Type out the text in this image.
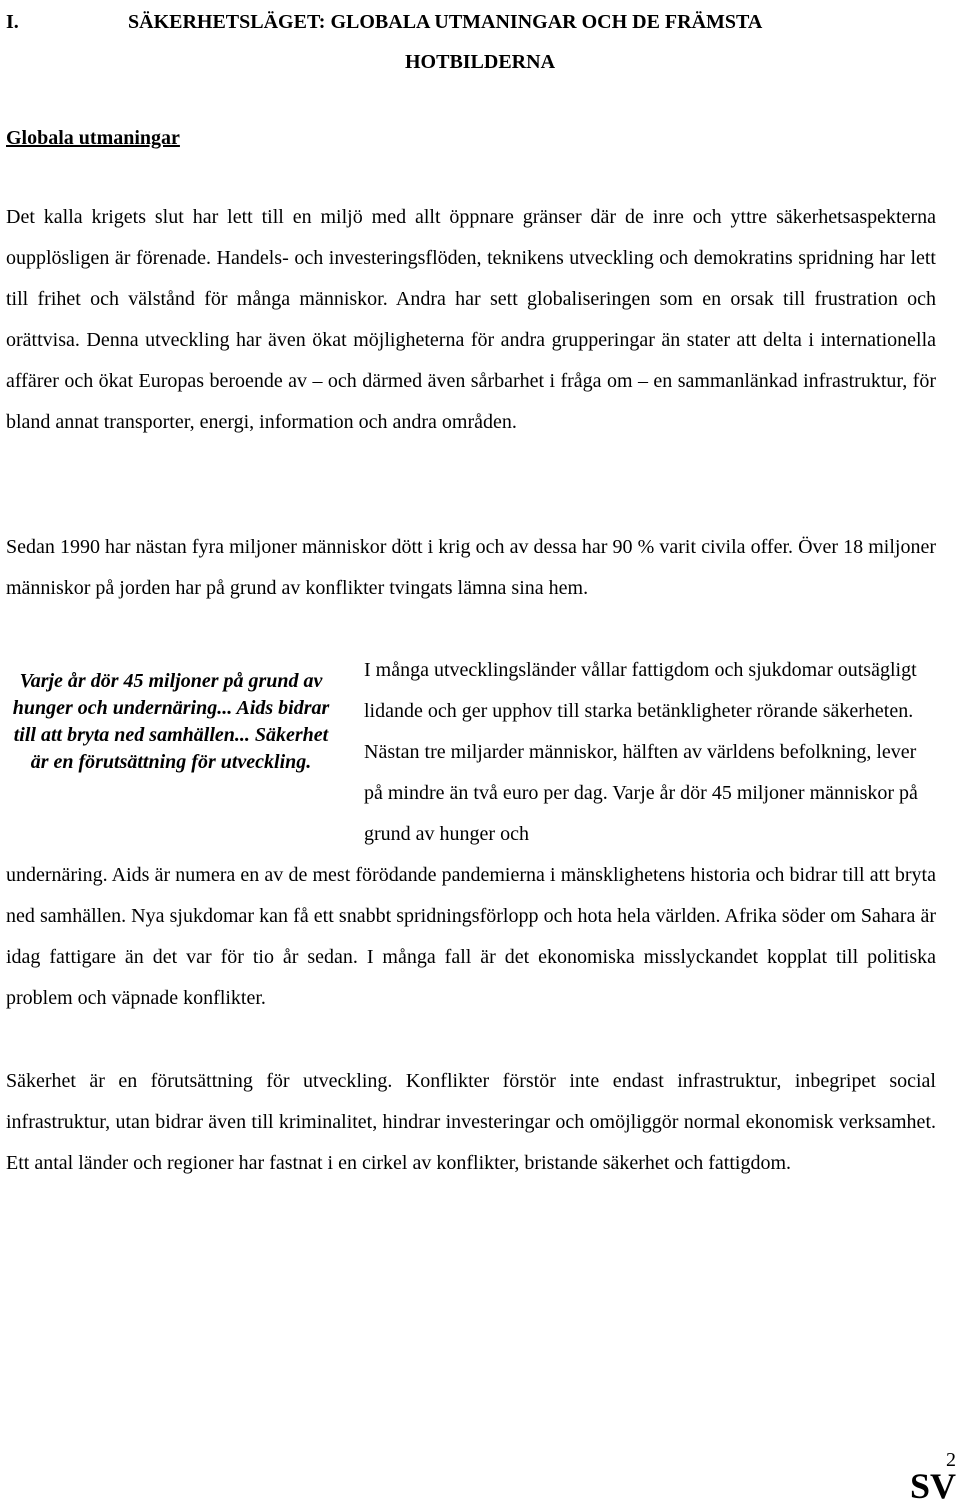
I.	SÄKERHETSLÄGET: GLOBALA UTMANINGAR OCH DE FRÄMSTA
HOTBILDERNA
Globala utmaningar

Det kalla krigets slut har lett till en miljö med allt öppnare gränser där de inre och yttre säkerhetsaspekterna oupplösligen är förenade. Handels- och investeringsflöden, teknikens utveckling och demokratins spridning har lett till frihet och välstånd för många människor. Andra har sett globaliseringen som en orsak till frustration och orättvisa. Denna utveckling har även ökat möjligheterna för andra grupperingar än stater att delta i internationella affärer och ökat Europas beroende av – och därmed även sårbarhet i fråga om – en sammanlänkad infrastruktur, för bland annat transporter, energi, information och andra områden.

Sedan 1990 har nästan fyra miljoner människor dött i krig och av dessa har 90 % varit civila offer. Över 18 miljoner människor på jorden har på grund av konflikter tvingats lämna sina hem.

Varje år dör 45 miljoner på grund av hunger och undernäring... Aids bidrar till att bryta ned samhällen... Säkerhet är en förutsättning för utveckling.

I många utvecklingsländer vållar fattigdom och sjukdomar outsägligt lidande och ger upphov till starka betänkligheter rörande säkerheten. Nästan tre miljarder människor, hälften av världens befolkning, lever på mindre än två euro per dag. Varje år dör 45 miljoner människor på grund av hunger och

undernäring. Aids är numera en av de mest förödande pandemierna i mänsklighetens historia och bidrar till att bryta ned samhällen. Nya sjukdomar kan få ett snabbt spridningsförlopp och hota hela världen. Afrika söder om Sahara är idag fattigare än det var för tio år sedan. I många fall är det ekonomiska misslyckandet kopplat till politiska problem och väpnade konflikter.

Säkerhet är en förutsättning för utveckling. Konflikter förstör inte endast infrastruktur, inbegripet social infrastruktur, utan bidrar även till kriminalitet, hindrar investeringar och omöjliggör normal ekonomisk verksamhet. Ett antal länder och regioner har fastnat i en cirkel av konflikter, bristande säkerhet och fattigdom.

2
SV
